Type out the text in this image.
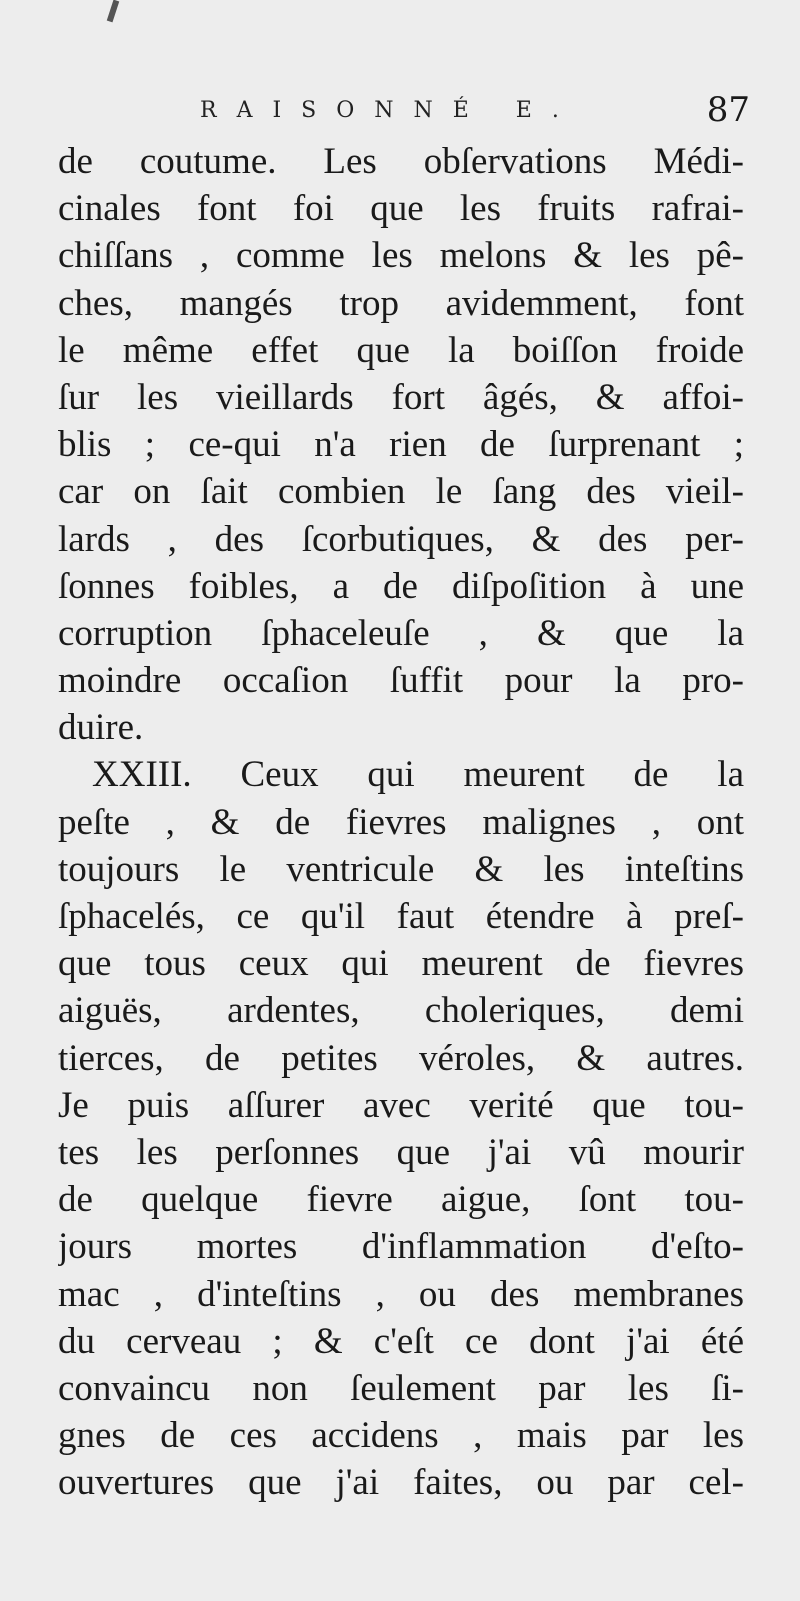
RAISONNÉ E.	87
de coutume. Les obſervations Médi-
cinales font foi que les fruits rafrai-
chiſſans , comme les melons & les pê-
ches, mangés trop avidemment, font
le même effet que la boiſſon froide
ſur les vieillards fort âgés, & affoi-
blis ; ce-qui n'a rien de ſurprenant ;
car on ſait combien le ſang des vieil-
lards , des ſcorbutiques, & des per-
ſonnes foibles, a de diſpoſition à une
corruption ſphaceleuſe , & que la
moindre occaſion ſuffit pour la pro-
duire.
XXIII. Ceux qui meurent de la
peſte , & de fievres malignes , ont
toujours le ventricule & les inteſtins
ſphacelés, ce qu'il faut étendre à preſ-
que tous ceux qui meurent de fievres
aiguës, ardentes, choleriques, demi
tierces, de petites véroles, & autres.
Je puis aſſurer avec verité que tou-
tes les perſonnes que j'ai vû mourir
de quelque fievre aigue, ſont tou-
jours mortes d'inflammation d'eſto-
mac , d'inteſtins , ou des membranes
du cerveau ; & c'eſt ce dont j'ai été
convaincu non ſeulement par les ſi-
gnes de ces accidens , mais par les
ouvertures que j'ai faites, ou par cel-
